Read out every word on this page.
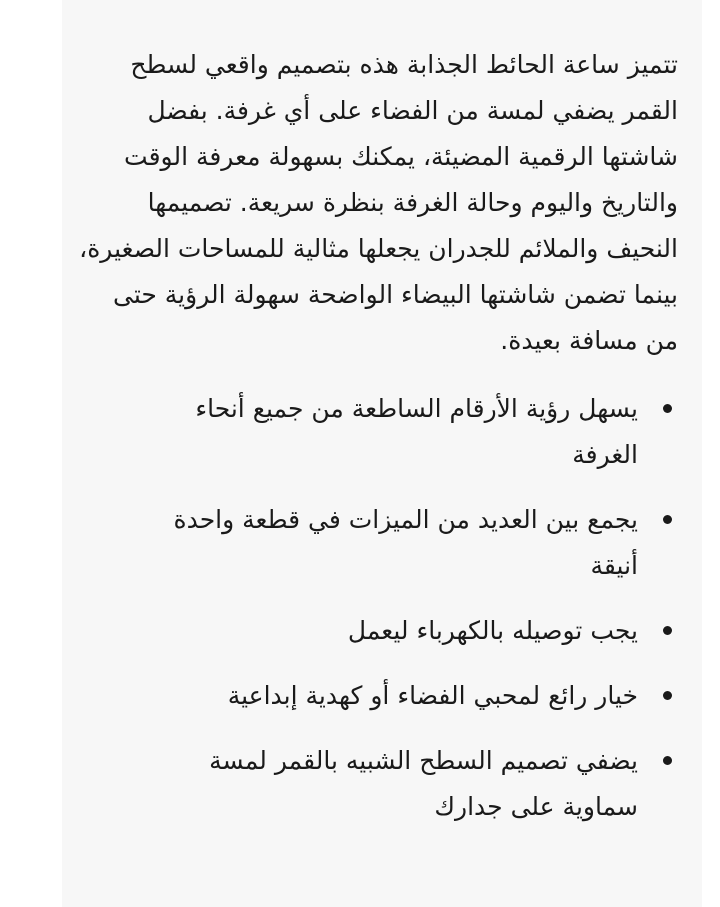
تتميز ساعة الحائط الجذابة هذه بتصميم واقعي لسطح القمر يضفي لمسة من الفضاء على أي غرفة. بفضل شاشتها الرقمية المضيئة، يمكنك بسهولة معرفة الوقت والتاريخ واليوم وحالة الغرفة بنظرة سريعة. تصميمها النحيف والملائم للجدران يجعلها مثالية للمساحات الصغيرة، بينما تضمن شاشتها البيضاء الواضحة سهولة الرؤية حتى من مسافة بعيدة.

يسهل رؤية الأرقام الساطعة من جميع أنحاء الغرفة
يجمع بين العديد من الميزات في قطعة واحدة أنيقة
يجب توصيله بالكهرباء ليعمل
خيار رائع لمحبي الفضاء أو كهدية إبداعية
يضفي تصميم السطح الشبيه بالقمر لمسة سماوية على جدارك
